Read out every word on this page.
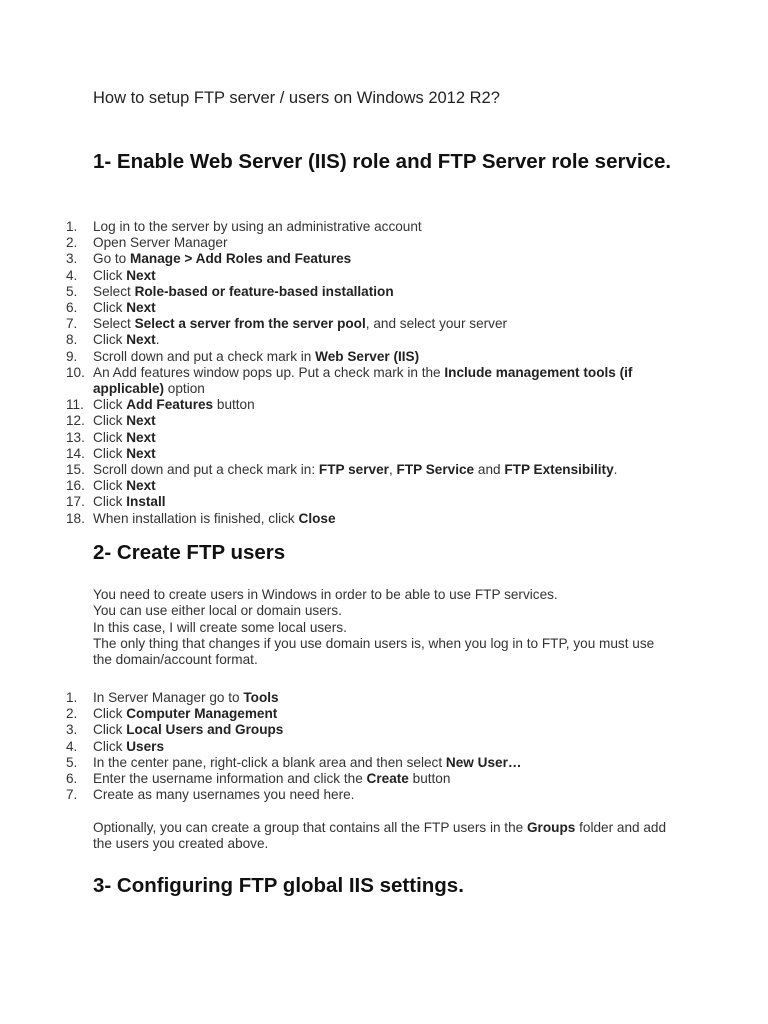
How to setup FTP server / users on Windows 2012 R2?
1- Enable Web Server (IIS) role and FTP Server role service.
1.	Log in to the server by using an administrative account
2.	Open Server Manager
3.	Go to Manage > Add Roles and Features
4.	Click Next
5.	Select Role-based or feature-based installation
6.	Click Next
7.	Select Select a server from the server pool, and select your server
8.	Click Next.
9.	Scroll down and put a check mark in Web Server (IIS)
10. An Add features window pops up. Put a check mark in the Include management tools (if applicable) option
11. Click Add Features button
12. Click Next
13. Click Next
14. Click Next
15. Scroll down and put a check mark in: FTP server, FTP Service and FTP Extensibility.
16. Click Next
17. Click Install
18. When installation is finished, click Close
2- Create FTP users

You need to create users in Windows in order to be able to use FTP services.
You can use either local or domain users.
In this case, I will create some local users.
The only thing that changes if you use domain users is, when you log in to FTP, you must use the domain/account format.

1.	In Server Manager go to Tools
2.	Click Computer Management
3.	Click Local Users and Groups
4.	Click Users
5.	In the center pane, right-click a blank area and then select New User…
6.	Enter the username information and click the Create button
7.	Create as many usernames you need here.

Optionally, you can create a group that contains all the FTP users in the Groups folder and add the users you created above.

3- Configuring FTP global IIS settings.
